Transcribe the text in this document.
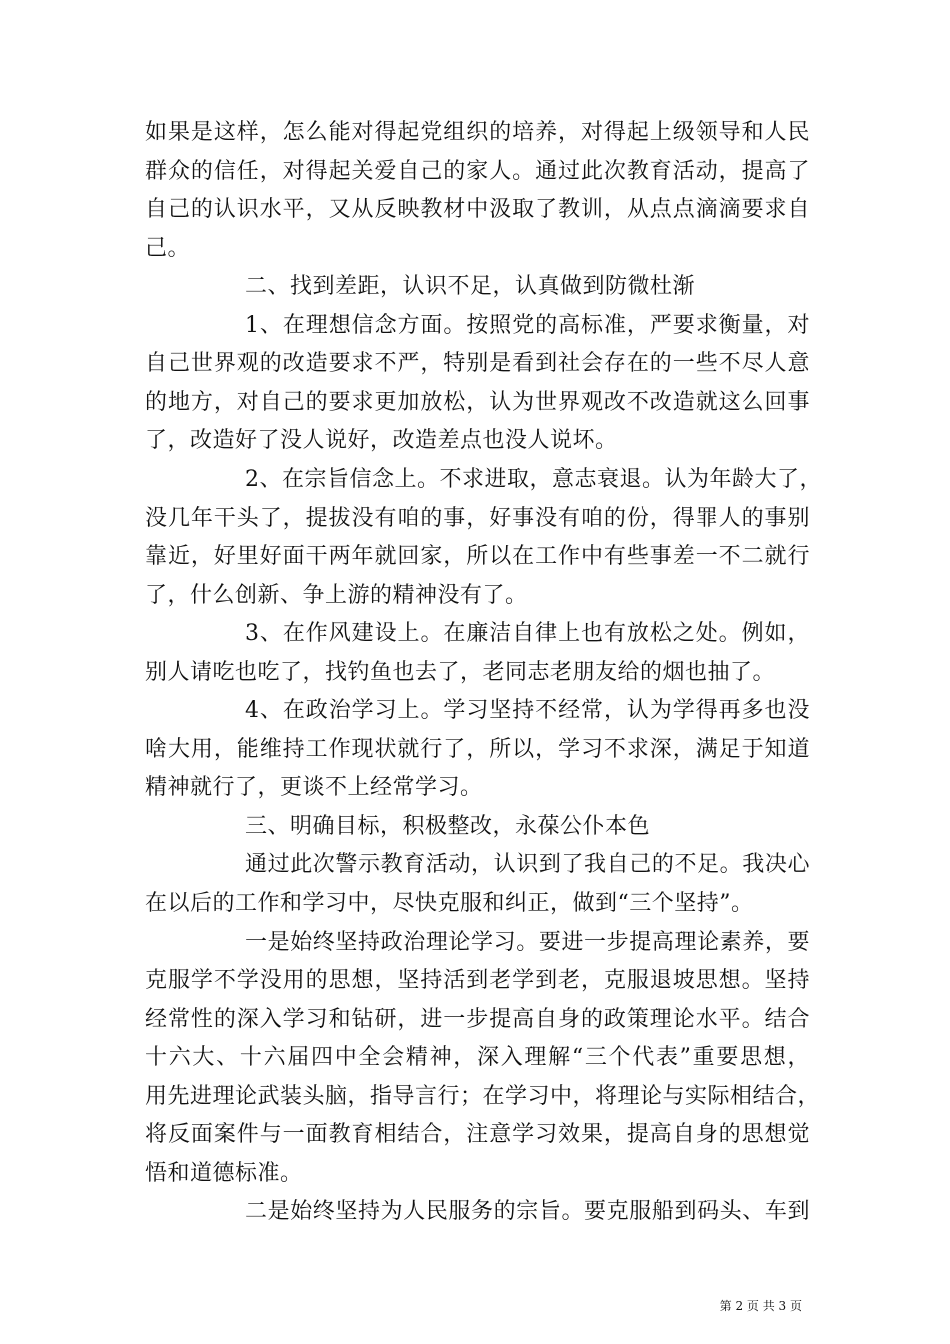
如果是这样，怎么能对得起党组织的培养，对得起上级领导和人民
群众的信任，对得起关爱自己的家人。通过此次教育活动，提高了
自己的认识水平，又从反映教材中汲取了教训，从点点滴滴要求自
己。
二、找到差距，认识不足，认真做到防微杜渐
1、在理想信念方面。按照党的高标准，严要求衡量，对
自己世界观的改造要求不严，特别是看到社会存在的一些不尽人意
的地方，对自己的要求更加放松，认为世界观改不改造就这么回事
了，改造好了没人说好，改造差点也没人说坏。
2、在宗旨信念上。不求进取，意志衰退。认为年龄大了，
没几年干头了，提拔没有咱的事，好事没有咱的份，得罪人的事别
靠近，好里好面干两年就回家，所以在工作中有些事差一不二就行
了，什么创新、争上游的精神没有了。
3、在作风建设上。在廉洁自律上也有放松之处。例如，
别人请吃也吃了，找钓鱼也去了，老同志老朋友给的烟也抽了。
4、在政治学习上。学习坚持不经常，认为学得再多也没
啥大用，能维持工作现状就行了，所以，学习不求深，满足于知道
精神就行了，更谈不上经常学习。
三、明确目标，积极整改，永葆公仆本色
通过此次警示教育活动，认识到了我自己的不足。我决心
在以后的工作和学习中，尽快克服和纠正，做到“三个坚持”。
一是始终坚持政治理论学习。要进一步提高理论素养，要
克服学不学没用的思想，坚持活到老学到老，克服退坡思想。坚持
经常性的深入学习和钻研，进一步提高自身的政策理论水平。结合
十六大、十六届四中全会精神，深入理解“三个代表”重要思想，
用先进理论武装头脑，指导言行；在学习中，将理论与实际相结合，
将反面案件与一面教育相结合，注意学习效果，提高自身的思想觉
悟和道德标准。
二是始终坚持为人民服务的宗旨。要克服船到码头、车到
第 2 页 共 3 页
